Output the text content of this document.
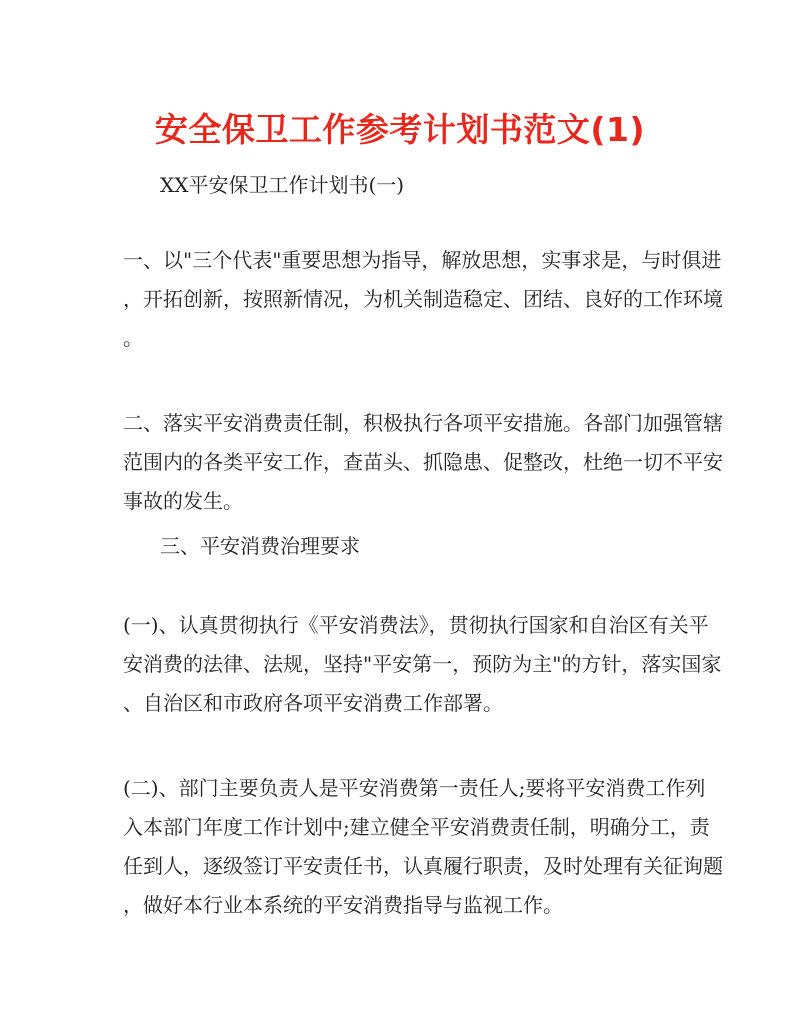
安全保卫工作参考计划书范文(1)

XX平安保卫工作计划书(一)

一、以"三个代表"重要思想为指导，解放思想，实事求是，与时俱进
，开拓创新，按照新情况，为机关制造稳定、团结、良好的工作环境
。
二、落实平安消费责任制，积极执行各项平安措施。各部门加强管辖
范围内的各类平安工作，查苗头、抓隐患、促整改，杜绝一切不平安
事故的发生。

三、平安消费治理要求

(一)、认真贯彻执行《平安消费法》，贯彻执行国家和自治区有关平
安消费的法律、法规，坚持"平安第一，预防为主"的方针，落实国家
、自治区和市政府各项平安消费工作部署。
(二)、部门主要负责人是平安消费第一责任人;要将平安消费工作列
入本部门年度工作计划中;建立健全平安消费责任制，明确分工，责
任到人，逐级签订平安责任书，认真履行职责，及时处理有关征询题
，做好本行业本系统的平安消费指导与监视工作。
